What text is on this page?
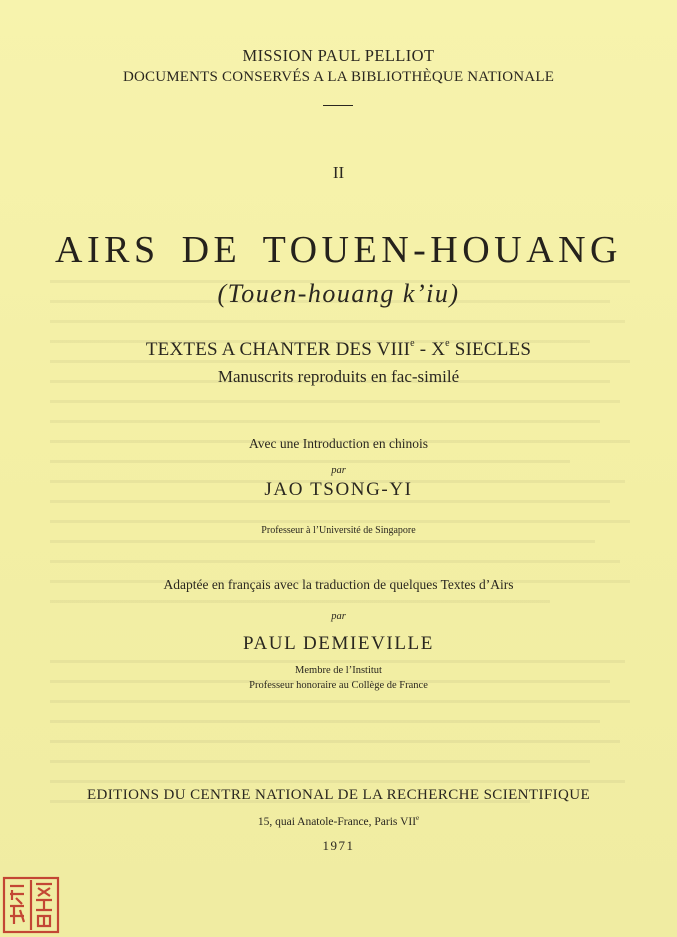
MISSION PAUL PELLIOT
DOCUMENTS CONSERVÉS A LA BIBLIOTHÈQUE NATIONALE
II
AIRS DE TOUEN-HOUANG
(Touen-houang k’iu)
TEXTES A CHANTER DES VIIIe - Xe SIECLES
Manuscrits reproduits en fac-similé
Avec une Introduction en chinois
par
JAO TSONG-YI
Professeur à l’Université de Singapore
Adaptée en français avec la traduction de quelques Textes d’Airs
par
PAUL DEMIEVILLE
Membre de l’Institut
Professeur honoraire au Collège de France
EDITIONS DU CENTRE NATIONAL DE LA RECHERCHE SCIENTIFIQUE
15, quai Anatole-France, Paris VIIe
1971
